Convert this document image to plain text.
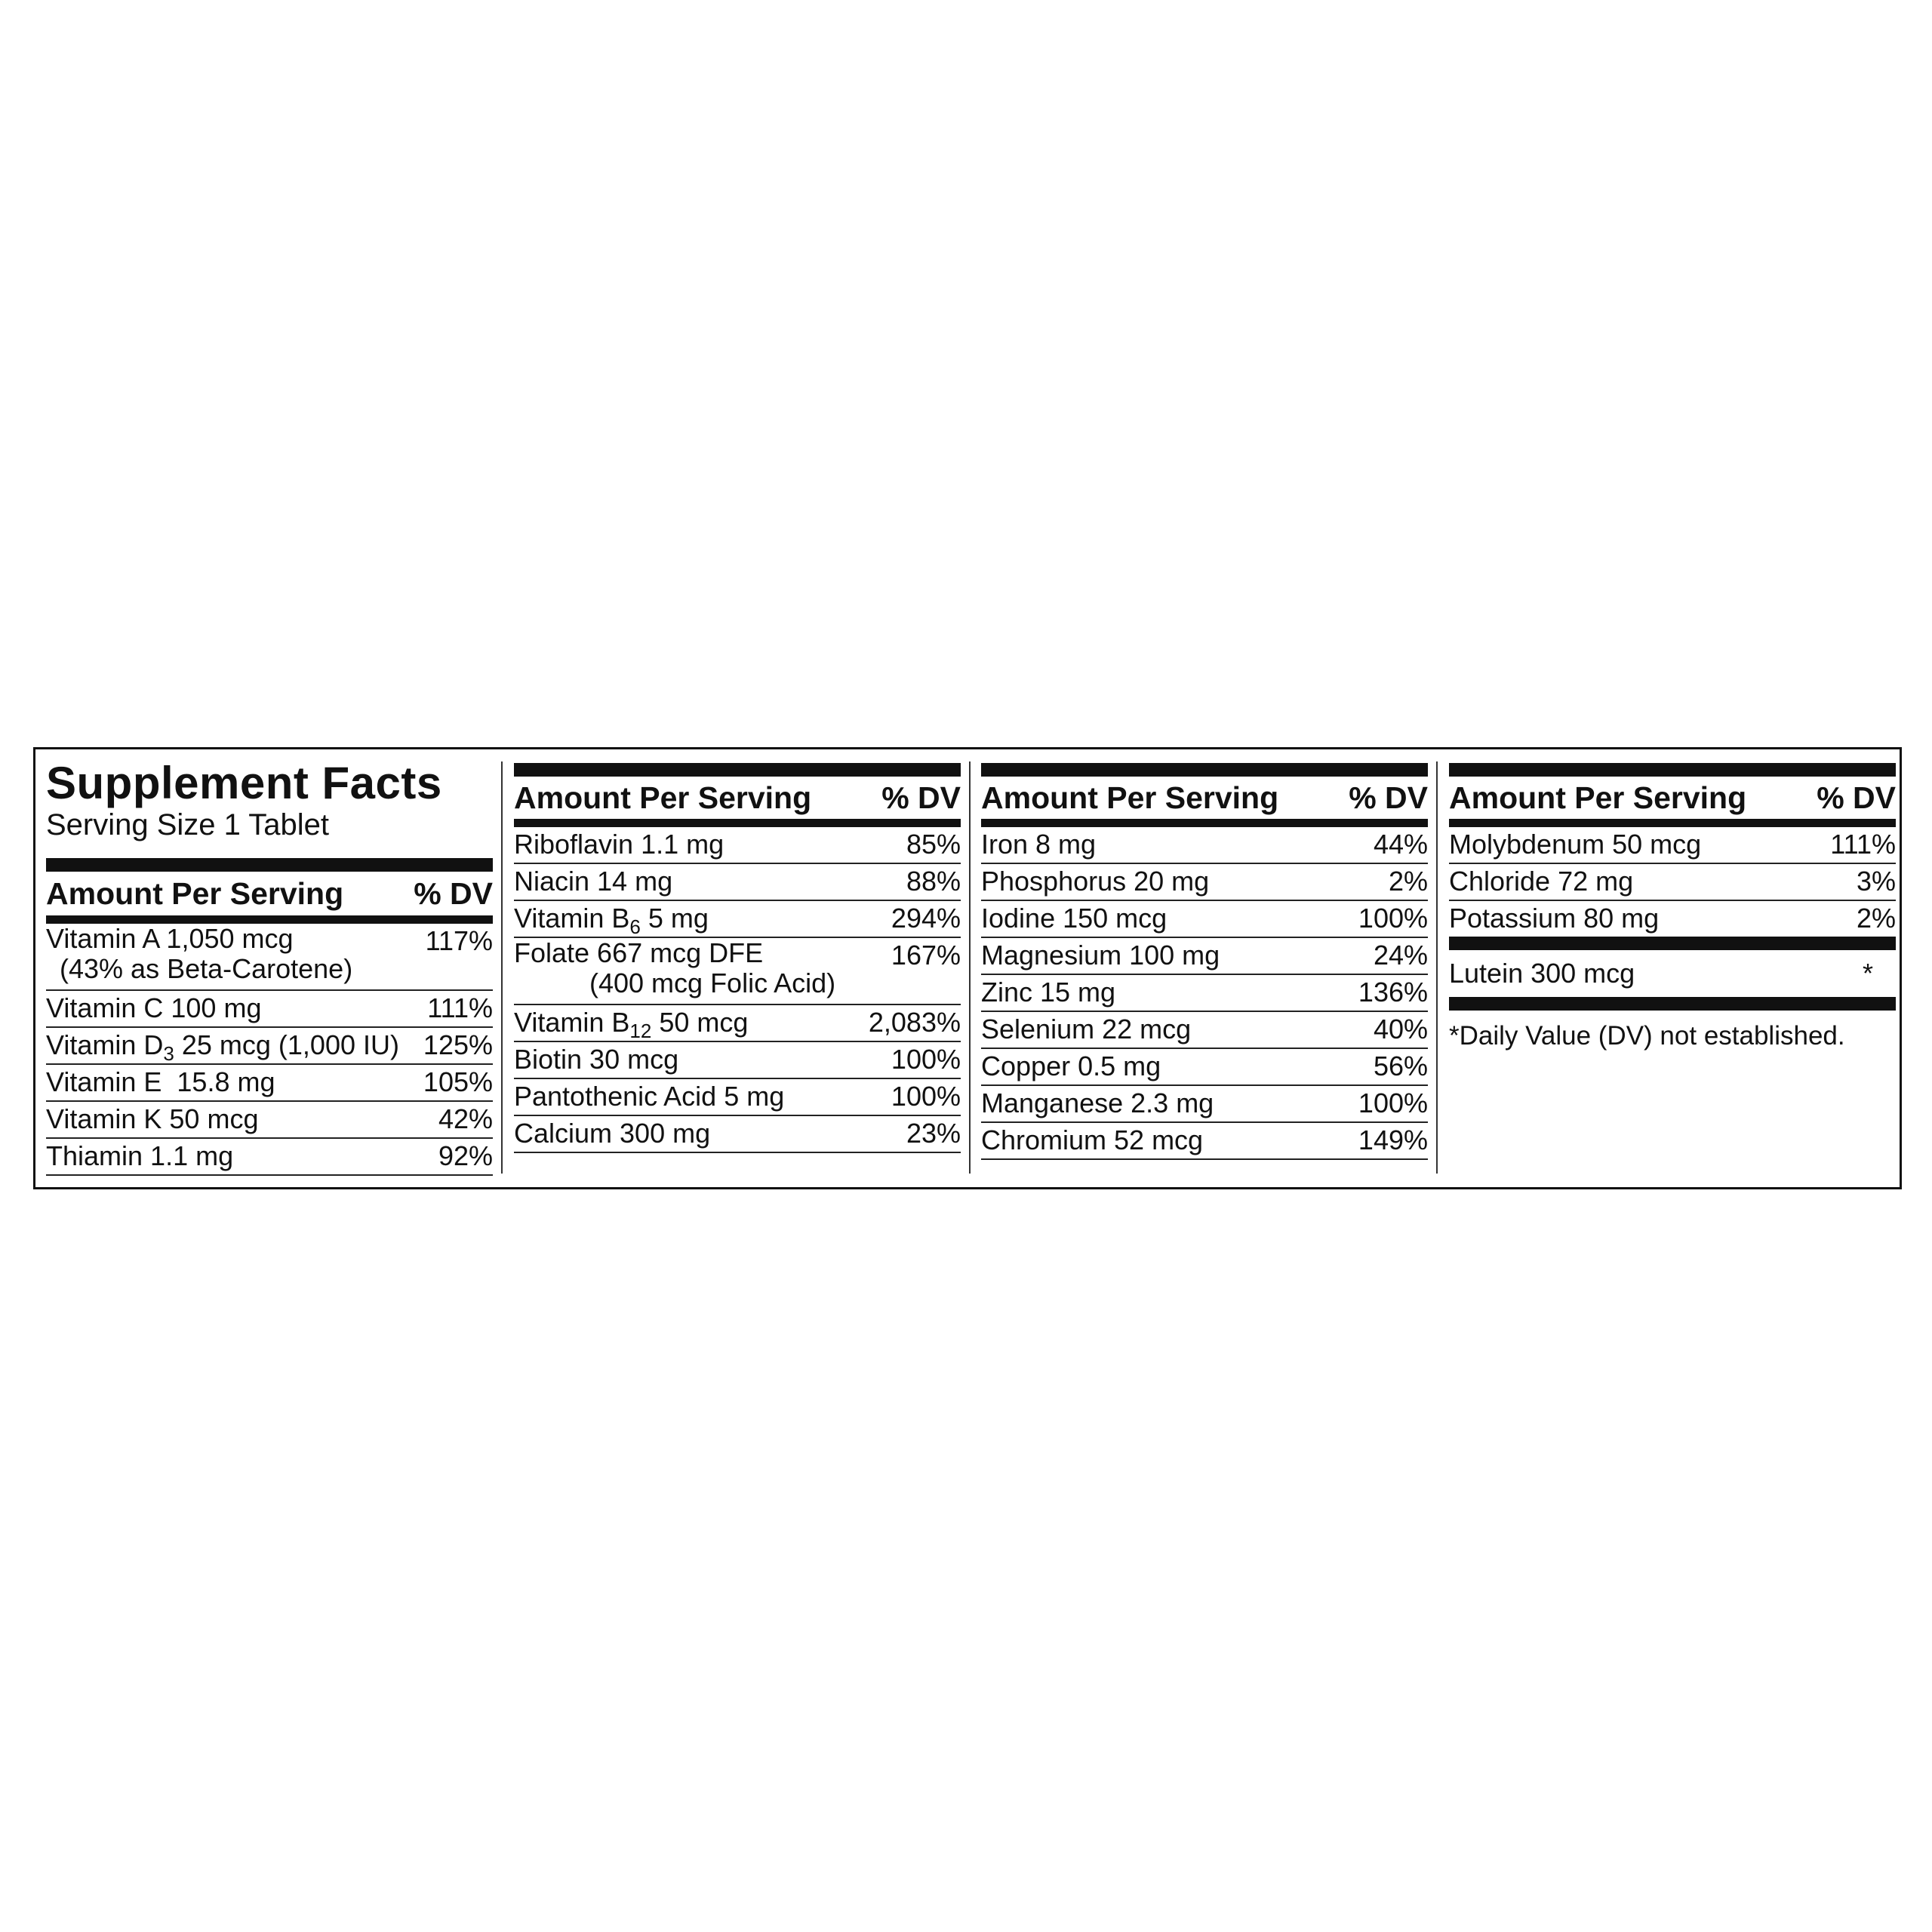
Supplement Facts
Serving Size 1 Tablet
Amount Per Serving % DV
Vitamin A 1,050 mcg
(43% as Beta-Carotene)
117%
Vitamin C 100 mg	111%
Vitamin $D_3$ 25 mcg (1,000 IU) 125%
Vitamin E  15.8 mg	105%
Vitamin K 50 mcg	42%
Thiamin 1.1 mg	92%
Amount Per Serving % DV
Riboflavin 1.1 mg	85%
Niacin 14 mg	88%
Vitamin $B_6$ 5 mg	294%
Folate 667 mcg DFE
(400 mcg Folic Acid)
167%
Vitamin $B_{12}$ 50 mcg	2,083%
Biotin 30 mcg	100%
Pantothenic Acid 5 mg	100%
Calcium 300 mg	23%
Amount Per Serving % DV
Iron 8 mg	44%
Phosphorus 20 mg	2%
Iodine 150 mcg	100%
Magnesium 100 mg	24%
Zinc 15 mg	136%
Selenium 22 mcg	40%
Copper 0.5 mg	56%
Manganese 2.3 mg	100%
Chromium 52 mcg	149%
Amount Per Serving % DV
Molybdenum 50 mcg	111%
Chloride 72 mg	3%
Potassium 80 mg	2%
Lutein 300 mcg	*
*Daily Value (DV) not established.
